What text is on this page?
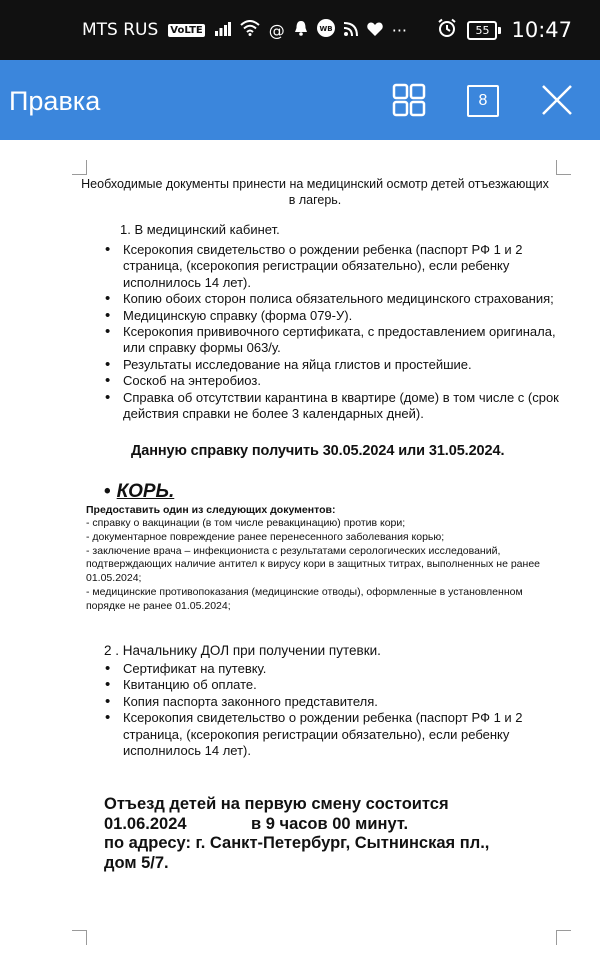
MTS RUS VoLTE	@	WB	···	55	10:47
Правка	8
Необходимые документы принести на медицинский осмотр детей отъезжающих в лагерь.
1. В медицинский кабинет.
• Ксерокопия свидетельство о рождении ребенка (паспорт РФ 1 и 2 страница, (ксерокопия регистрации обязательно), если ребенку исполнилось 14 лет).
• Копию обоих сторон полиса обязательного медицинского страхования;
• Медицинскую справку (форма 079-У).
• Ксерокопия прививочного сертификата, с предоставлением оригинала, или справку формы 063/у.
• Результаты исследование на яйца глистов и простейшие.
• Соскоб на энтеробиоз.
• Справка об отсутствии карантина в квартире (доме) в том числе с (срок действия справки не более 3 календарных дней).
Данную справку получить 30.05.2024 или 31.05.2024.
• КОРЬ.
Предоставить один из следующих документов:
- справку о вакцинации (в том числе ревакцинацию) против кори;
- документарное повреждение ранее перенесенного заболевания корью;
- заключение врача – инфекциониста с результатами серологических исследований, подтверждающих наличие антител к вирусу кори в защитных титрах, выполненных не ранее 01.05.2024;
- медицинские противопоказания (медицинские отводы), оформленные в установленном порядке не ранее 01.05.2024;
2 . Начальнику ДОЛ при получении путевки.
• Сертификат на путевку.
• Квитанцию об оплате.
• Копия паспорта законного представителя.
• Ксерокопия свидетельство о рождении ребенка (паспорт РФ 1 и 2 страница, (ксерокопия регистрации обязательно), если ребенку исполнилось 14 лет).
Отъезд детей на первую смену состоится
01.06.2024	в 9 часов 00 минут.
по адресу: г. Санкт-Петербург, Сытнинская пл.,
дом 5/7.
